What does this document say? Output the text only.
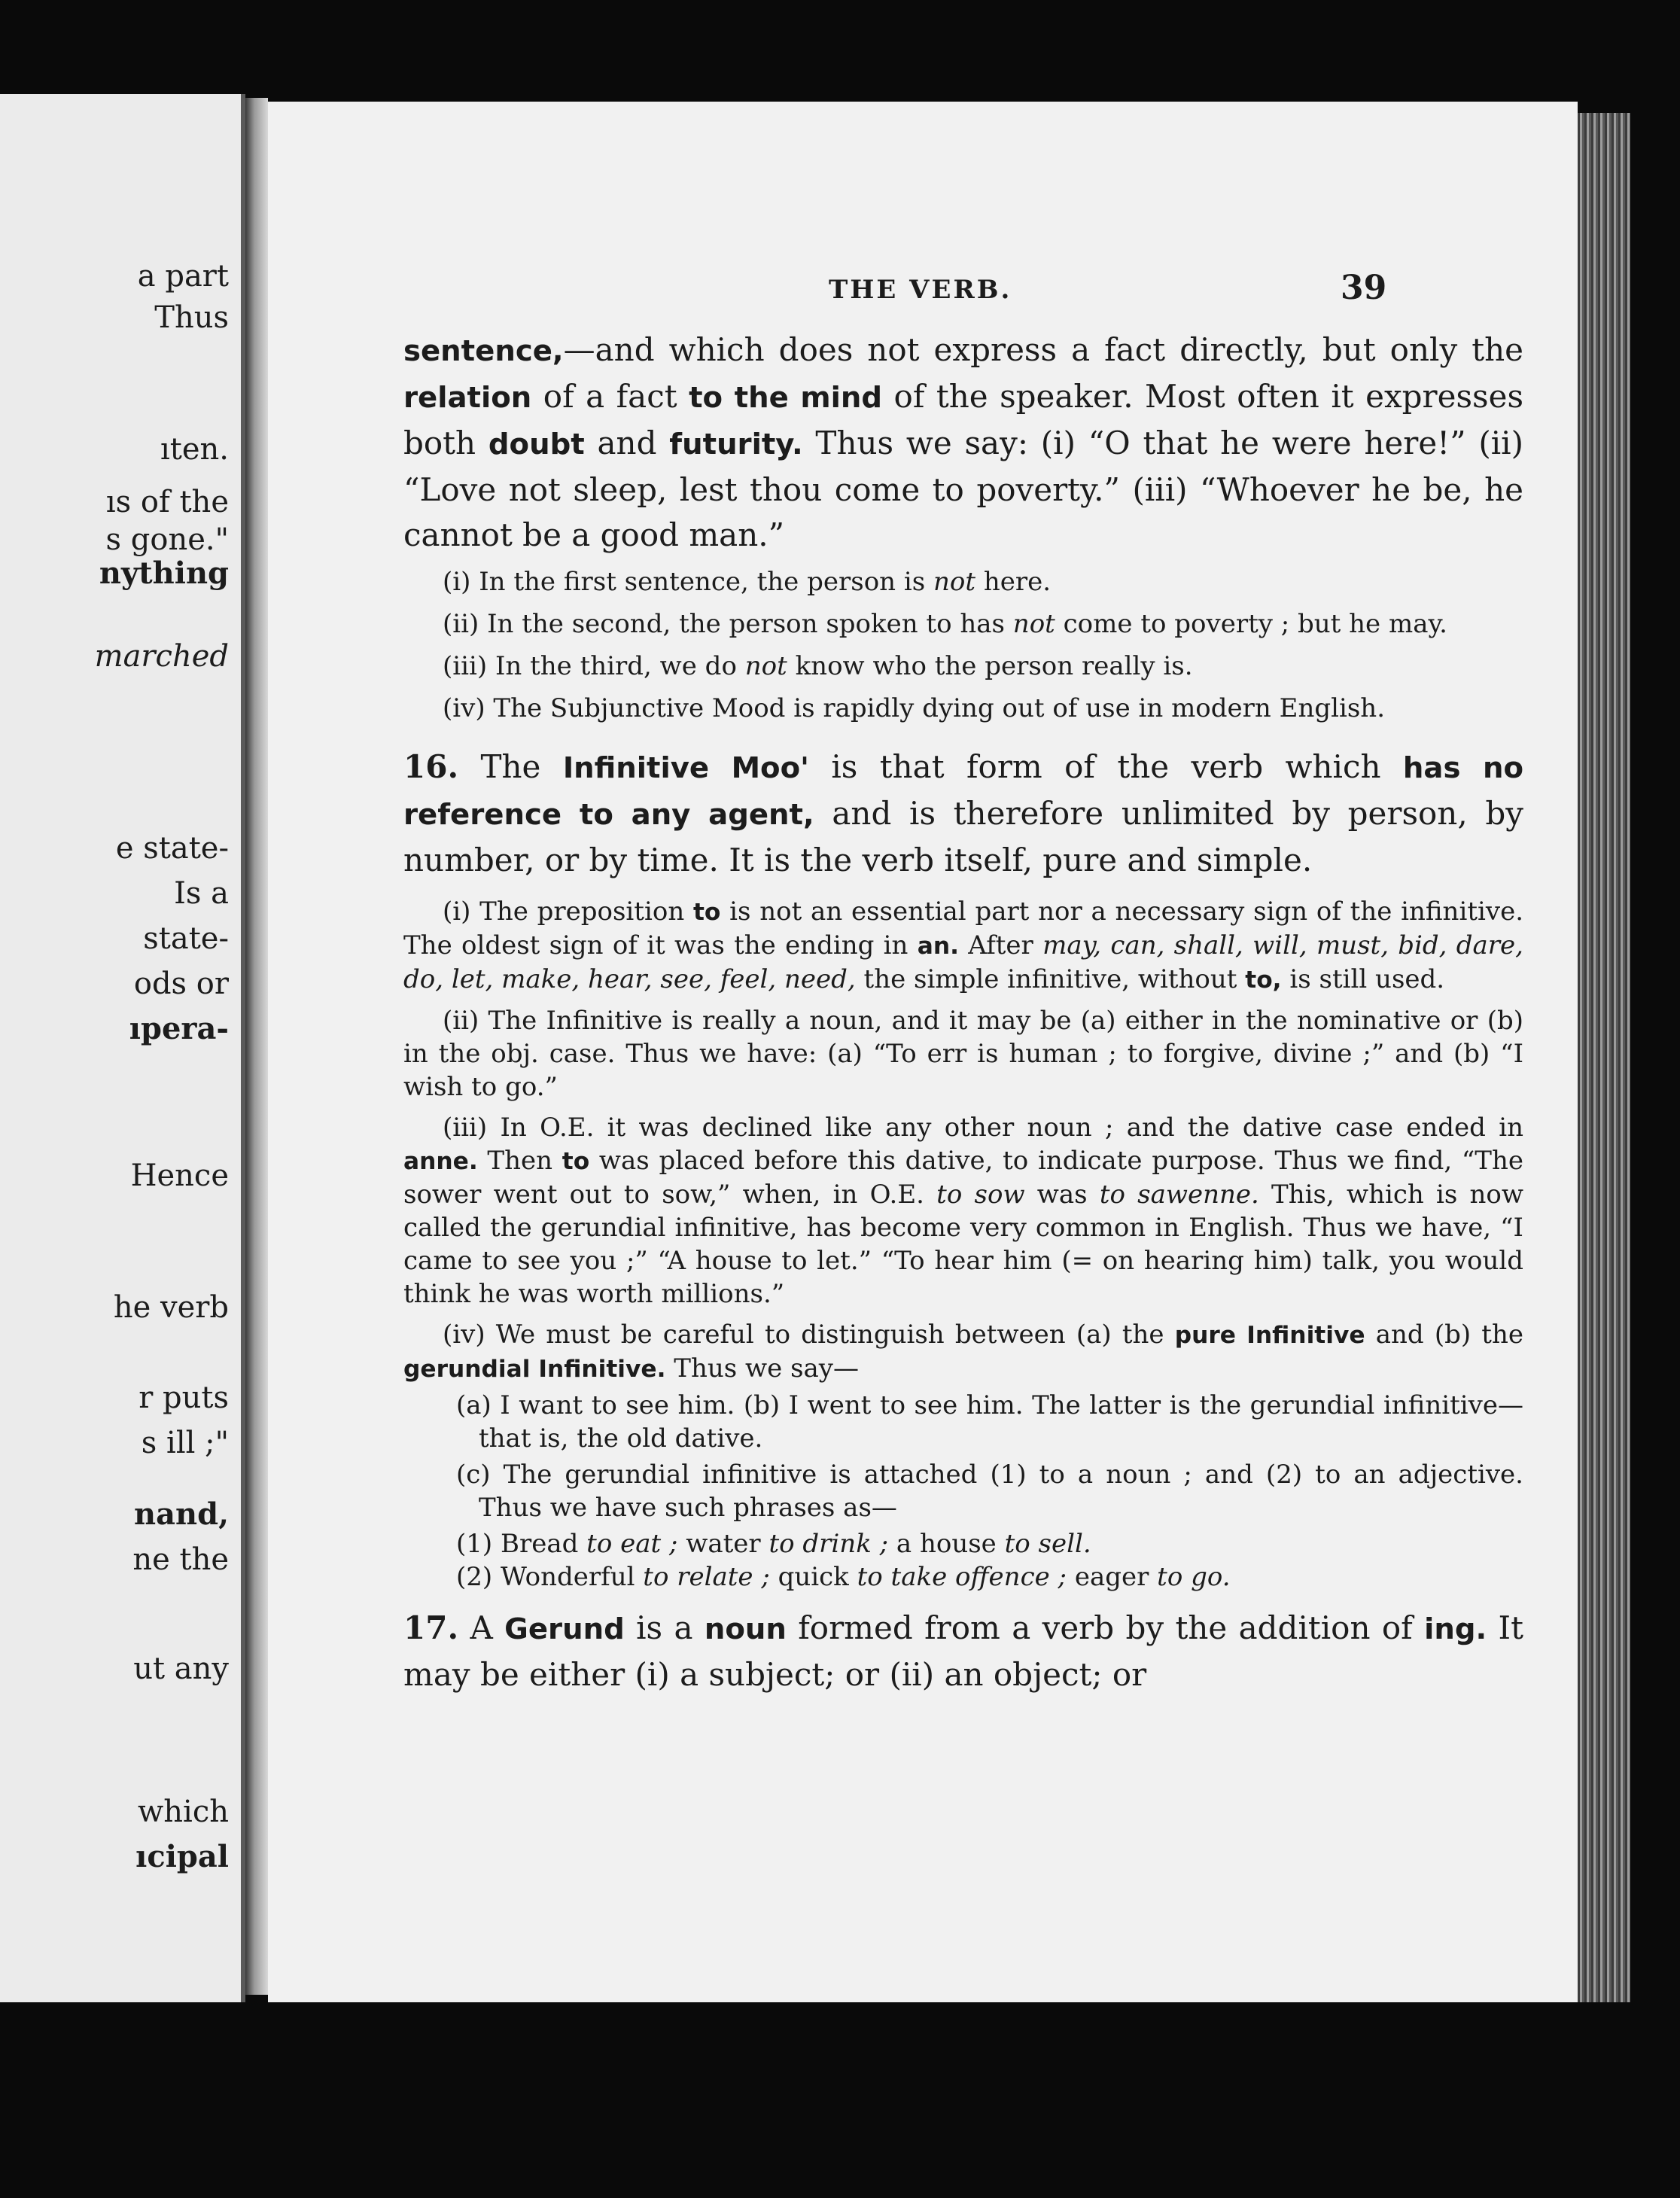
a part
Thus
ıten.
ıs of the
s gone."
nything
marched
e state-
Is a
state-
ods or
ıpera-
Hence
he verb
r puts
s ill ;"
nand,
ne the
ut any
which
ıcipal
THE VERB.	39

sentence,—and which does not express a fact directly, but only the relation of a fact to the mind of the speaker. Most often it expresses both doubt and futurity. Thus we say: (i) “O that he were here!” (ii) “Love not sleep, lest thou come to poverty.” (iii) “Whoever he be, he cannot be a good man.”

(i) In the first sentence, the person is not here.

(ii) In the second, the person spoken to has not come to poverty ; but he may.

(iii) In the third, we do not know who the person really is.

(iv) The Subjunctive Mood is rapidly dying out of use in modern English.

16. The Infinitive Moo' is that form of the verb which has no reference to any agent, and is therefore unlimited by person, by number, or by time. It is the verb itself, pure and simple.

(i) The preposition to is not an essential part nor a necessary sign of the infinitive. The oldest sign of it was the ending in an. After may, can, shall, will, must, bid, dare, do, let, make, hear, see, feel, need, the simple infinitive, without to, is still used.

(ii) The Infinitive is really a noun, and it may be (a) either in the nominative or (b) in the obj. case. Thus we have: (a) “To err is human ; to forgive, divine ;” and (b) “I wish to go.”

(iii) In O.E. it was declined like any other noun ; and the dative case ended in anne. Then to was placed before this dative, to indicate purpose. Thus we find, “The sower went out to sow,” when, in O.E. to sow was to sawenne. This, which is now called the gerundial infinitive, has become very common in English. Thus we have, “I came to see you ;” “A house to let.” “To hear him (= on hearing him) talk, you would think he was worth millions.”

(iv) We must be careful to distinguish between (a) the pure Infinitive and (b) the gerundial Infinitive. Thus we say—

(a) I want to see him. (b) I went to see him. The latter is the gerundial infinitive—that is, the old dative.

(c) The gerundial infinitive is attached (1) to a noun ; and (2) to an adjective. Thus we have such phrases as—

(1) Bread to eat ; water to drink ; a house to sell.

(2) Wonderful to relate ; quick to take offence ; eager to go.

17. A Gerund is a noun formed from a verb by the addition of ing. It may be either (i) a subject; or (ii) an object; or
